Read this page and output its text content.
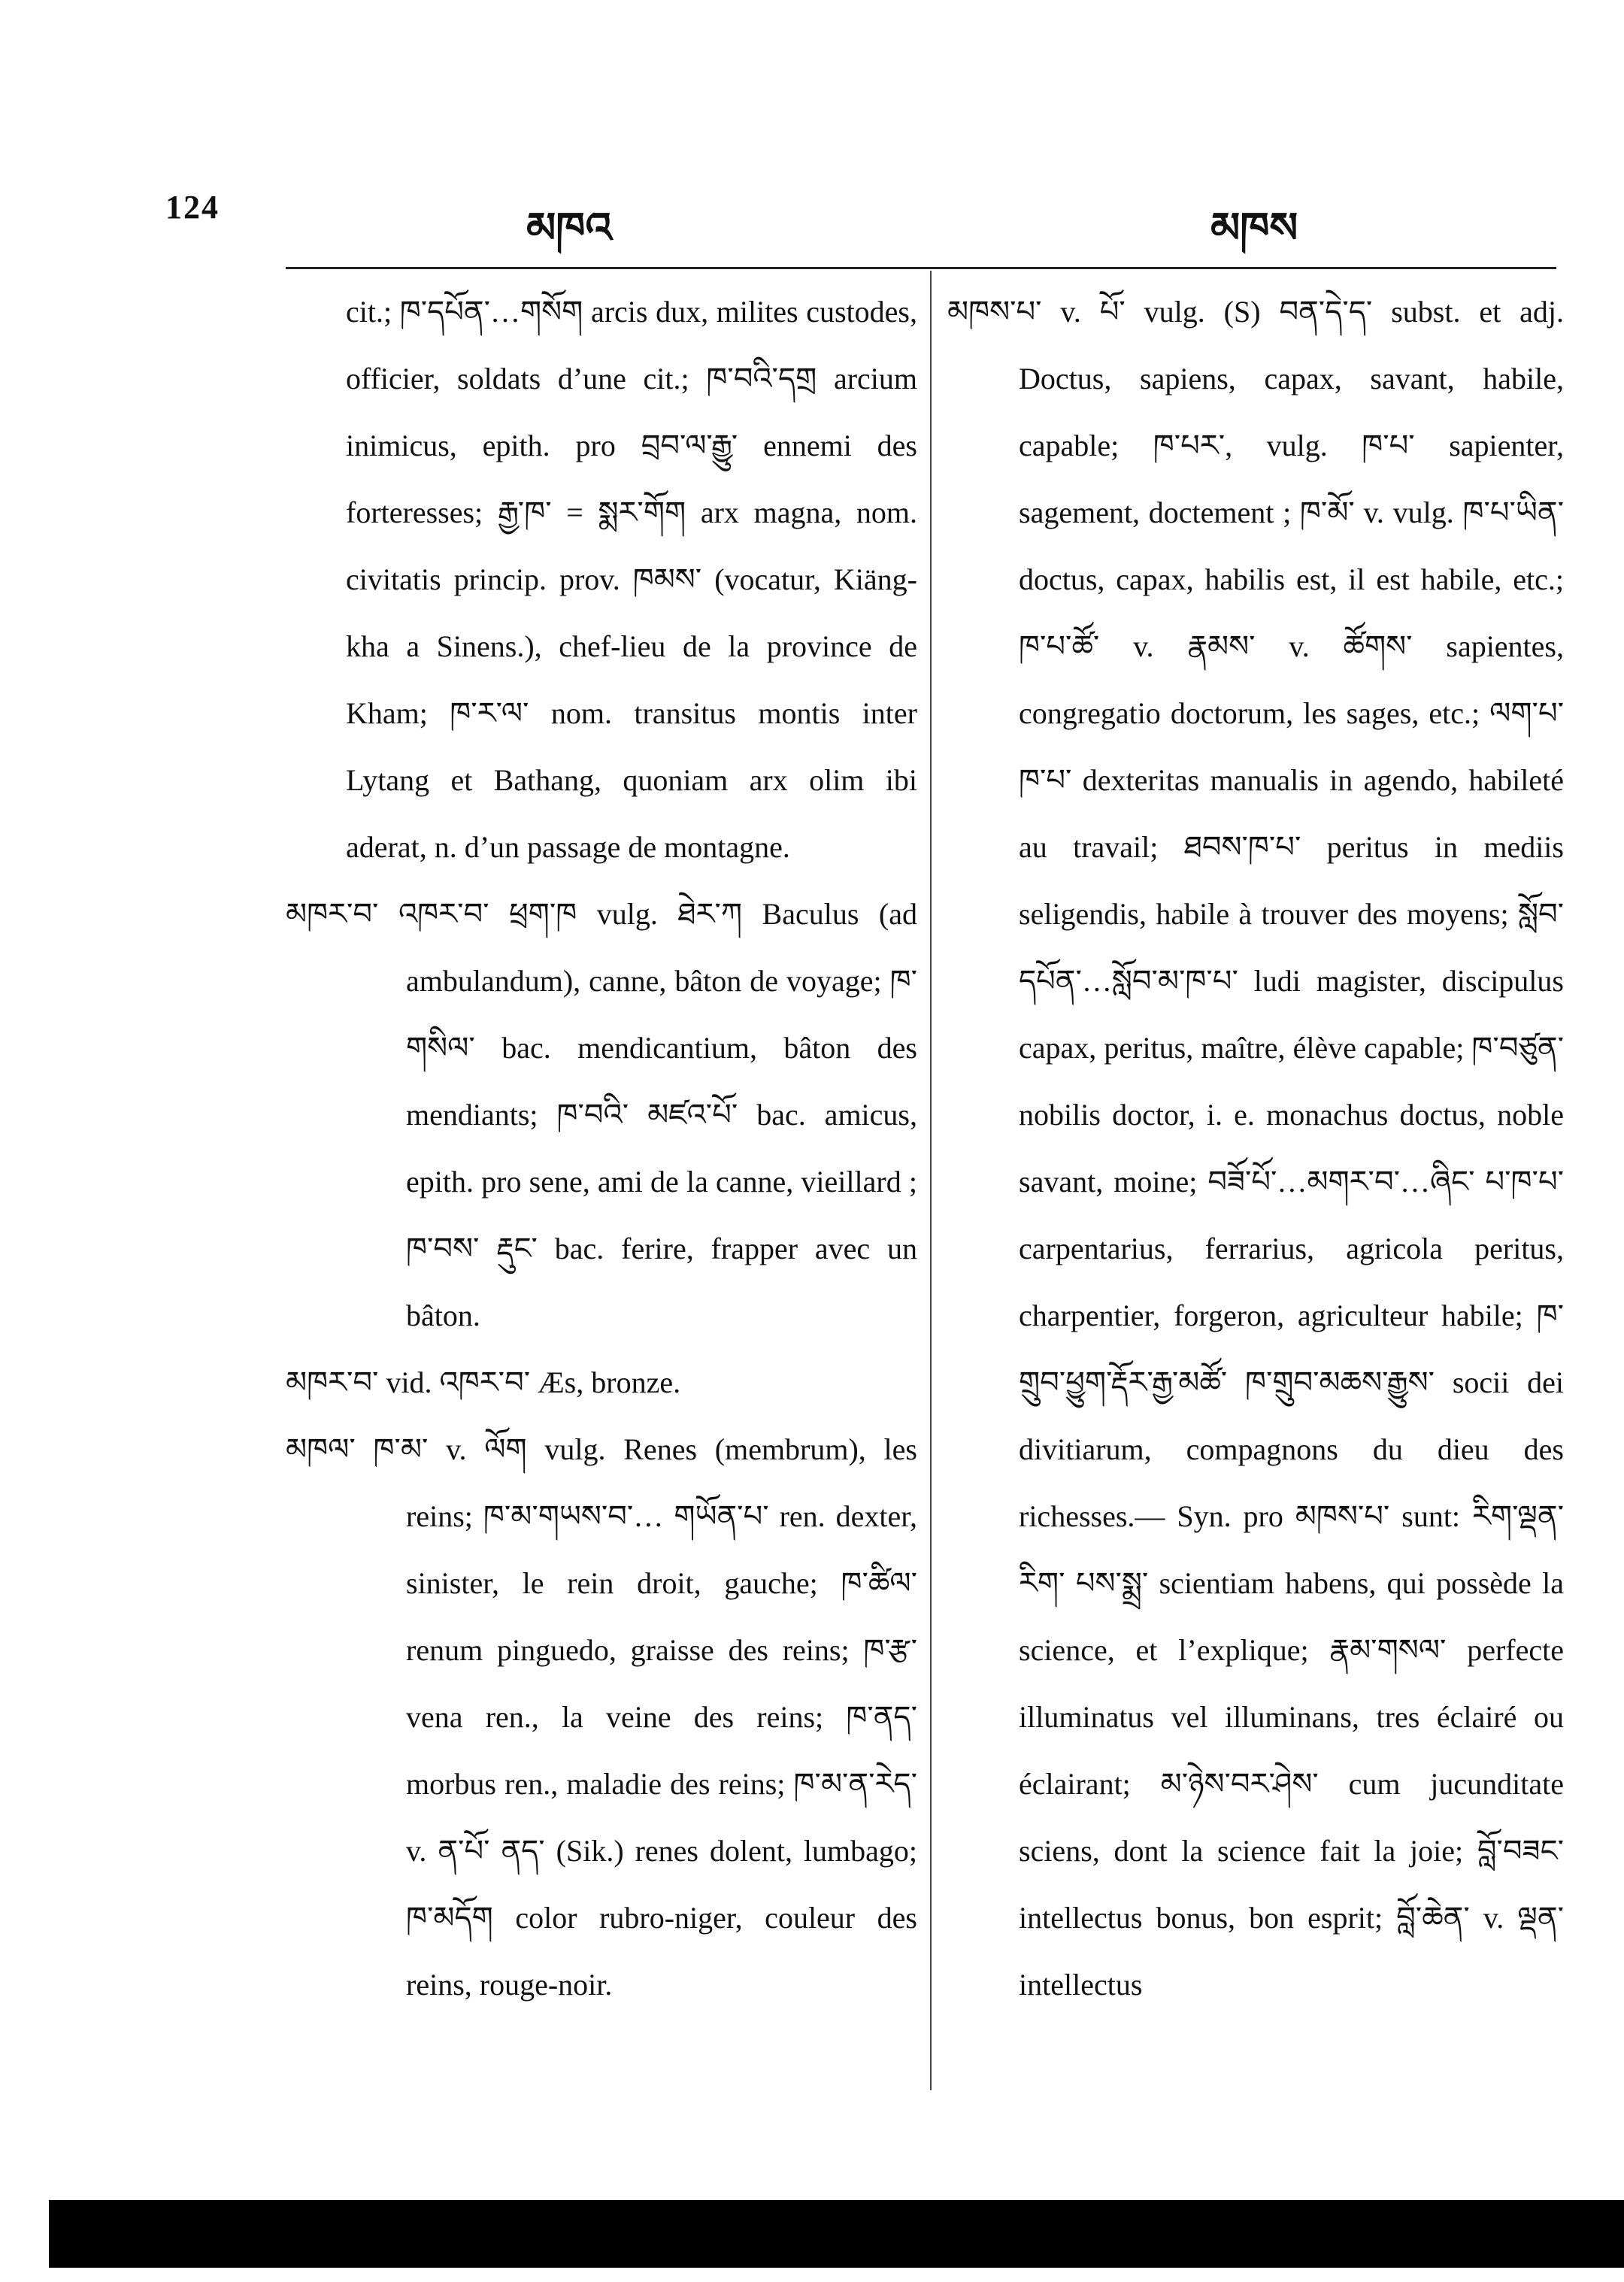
124	མཁའ	མཁས

cit.; ཁ་དཔོན་…གསོག arcis dux, milites custodes, officier, soldats d’une cit.; ཁ་བའི་དགྲ arcium inimicus, epith. pro བྲབ་ལ་རྒྱུ་ ennemi des forteresses; རྒྱ་ཁ་ = སྨར་གོག arx magna, nom. civitatis princip. prov. ཁམས་ (vocatur, Kiäng-kha a Sinens.), chef-lieu de la province de Kham; ཁ་ར་ལ་ nom. transitus montis inter Lytang et Bathang, quoniam arx olim ibi aderat, n. d’un passage de montagne.

མཁར་བ་ འཁར་བ་ ཕྲག་ཁ vulg. ཐེར་ཀ Baculus (ad ambulandum), canne, bâton de voyage; ཁ་གསིལ་ bac. mendicantium, bâton des mendiants; ཁ་བའི་ མཛའ་པོ་ bac. amicus, epith. pro sene, ami de la canne, vieillard ; ཁ་བས་ རྡུང་ bac. ferire, frapper avec un bâton.

མཁར་བ་ vid. འཁར་བ་ Æs, bronze.

མཁལ་ ཁ་མ་ v. ལོག vulg. Renes (membrum), les reins; ཁ་མ་གཡས་བ་… གཡོན་པ་ ren. dexter, sinister, le rein droit, gauche; ཁ་ཚིལ་ renum pinguedo, graisse des reins; ཁ་རྩ་ vena ren., la veine des reins; ཁ་ནད་ morbus ren., maladie des reins; ཁ་མ་ན་རེད་ v. ན་པོ་ ནད་ (Sik.) renes dolent, lumbago; ཁ་མདོག color rubro-niger, couleur des reins, rouge-noir.

མཁས་པ་ v. པོ་ vulg. (S) བན་དེ་ད་ subst. et adj. Doctus, sapiens, capax, savant, habile, capable; ཁ་པར་, vulg. ཁ་པ་ sapienter, sagement, doctement ; ཁ་མོ་ v. vulg. ཁ་པ་ཡིན་ doctus, capax, habilis est, il est habile, etc.; ཁ་པ་ཚོ་ v. རྣམས་ v. ཚོགས་ sapientes, congregatio doctorum, les sages, etc.; ལག་པ་ཁ་པ་ dexteritas manualis in agendo, habileté au travail; ཐབས་ཁ་པ་ peritus in mediis seligendis, habile à trouver des moyens; སློབ་དཔོན་…སློབ་མ་ཁ་པ་ ludi magister, discipulus capax, peritus, maître, élève capable; ཁ་བཙུན་ nobilis doctor, i. e. monachus doctus, noble savant, moine; བཟོ་པོ་…མགར་བ་…ཞིང་ པ་ཁ་པ་ carpentarius, ferrarius, agricola peritus, charpentier, forgeron, agriculteur habile; ཁ་གྲུབ་ཕྱུག་རྡོར་རྒྱ་མཚོ་ ཁ་གྲུབ་མཆས་རྒྱུས་ socii dei divitiarum, compagnons du dieu des richesses.— Syn. pro མཁས་པ་ sunt: རིག་ལྡན་ རིག་ པས་སྨྲ་ scientiam habens, qui possède la science, et l’explique; རྣམ་གསལ་ perfecte illuminatus vel illuminans, tres éclairé ou éclairant; མ་ཉེས་བར་ཤེས་ cum jucunditate sciens, dont la science fait la joie; བློ་བཟང་ intellectus bonus, bon esprit; བློ་ཆེན་ v. ལྡན་ intellectus
